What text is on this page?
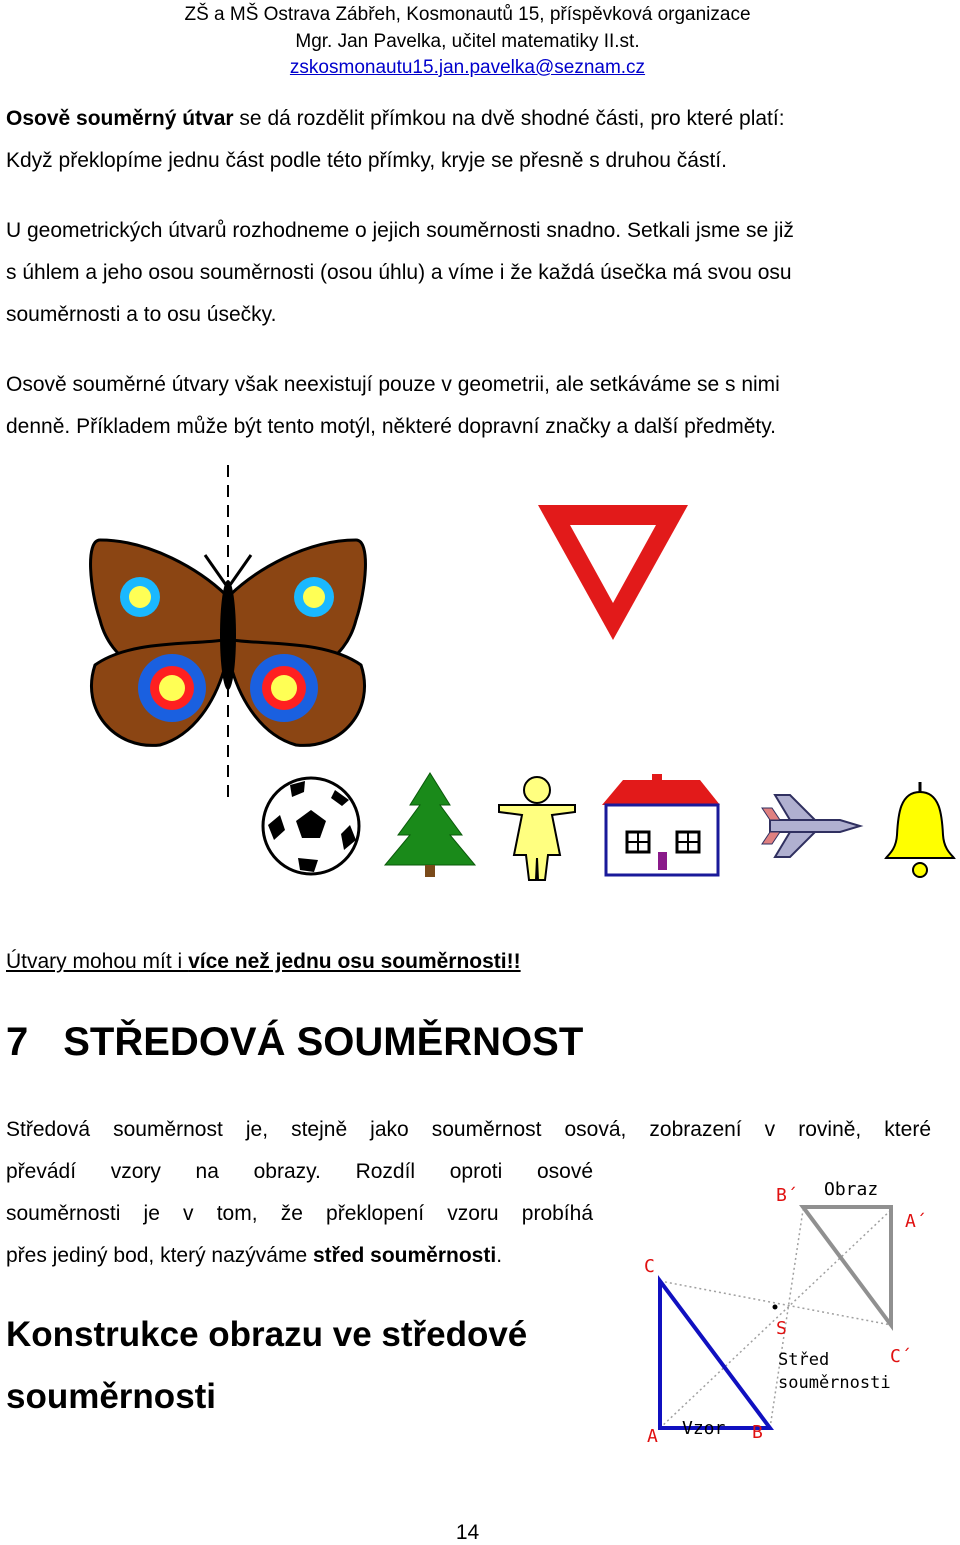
ZŠ a MŠ Ostrava Zábřeh, Kosmonautů 15, příspěvková organizace
Mgr. Jan Pavelka, učitel matematiky II.st.
zskosmonautu15.jan.pavelka@seznam.cz
Osově souměrný útvar se dá rozdělit přímkou na dvě shodné části, pro které platí:
Když překlopíme jednu část podle této přímky, kryje se přesně s druhou částí.
U geometrických útvarů rozhodneme o jejich souměrnosti snadno. Setkali jsme se již
s úhlem a jeho osou souměrnosti (osou úhlu) a víme i že každá úsečka má svou osu
souměrnosti a to osu úsečky.
Osově souměrné útvary však neexistují pouze v geometrii, ale setkáváme se s nimi
denně. Příkladem může být tento motýl, některé dopravní značky a další předměty.
Útvary mohou mít i více než jednu osu souměrnosti!!
7 STŘEDOVÁ SOUMĚRNOST
Středová souměrnost je, stejně jako souměrnost osová, zobrazení v rovině, které
převádí vzory na obrazy. Rozdíl oproti osové
souměrnosti je v tom, že překlopení vzoru probíhá
přes jediný bod, který nazýváme střed souměrnosti.
Konstrukce obrazu ve středové
souměrnosti
Obraz
Vzor
Střed
souměrnosti
S
C
A	B
B´
A´
C´
14
